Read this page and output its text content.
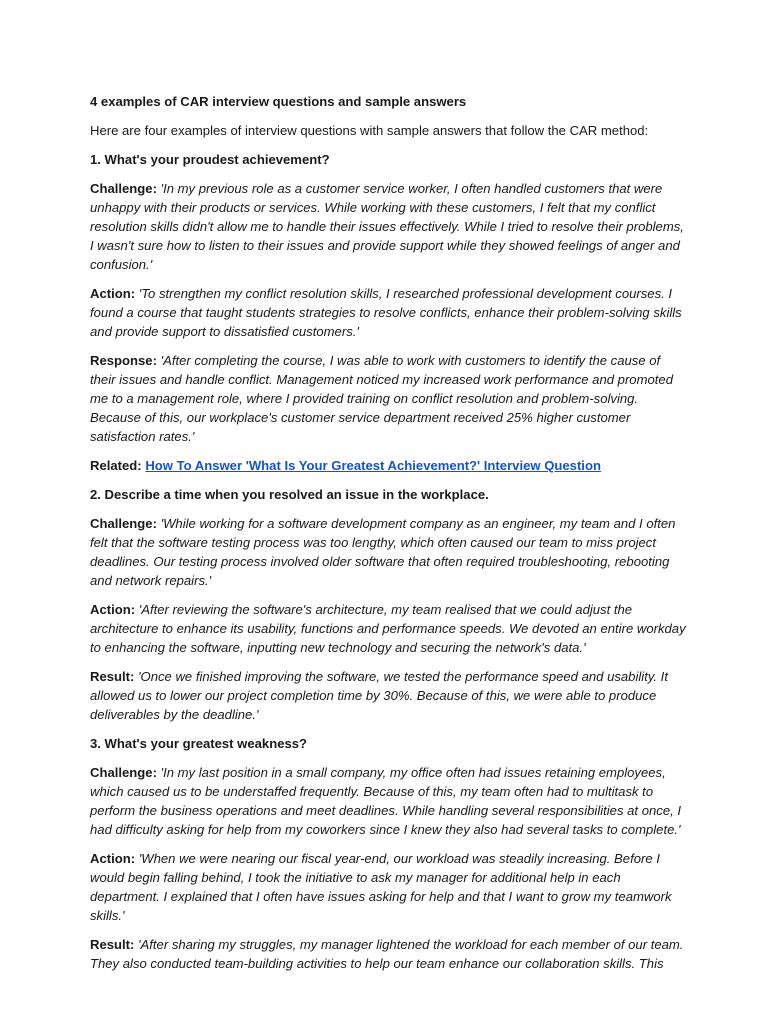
4 examples of CAR interview questions and sample answers

Here are four examples of interview questions with sample answers that follow the CAR method:

1. What's your proudest achievement?

Challenge: 'In my previous role as a customer service worker, I often handled customers that were unhappy with their products or services. While working with these customers, I felt that my conflict resolution skills didn't allow me to handle their issues effectively. While I tried to resolve their problems, I wasn't sure how to listen to their issues and provide support while they showed feelings of anger and confusion.'

Action: 'To strengthen my conflict resolution skills, I researched professional development courses. I found a course that taught students strategies to resolve conflicts, enhance their problem-solving skills and provide support to dissatisfied customers.'

Response: 'After completing the course, I was able to work with customers to identify the cause of their issues and handle conflict. Management noticed my increased work performance and promoted me to a management role, where I provided training on conflict resolution and problem-solving. Because of this, our workplace's customer service department received 25% higher customer satisfaction rates.'

Related: How To Answer 'What Is Your Greatest Achievement?' Interview Question

2. Describe a time when you resolved an issue in the workplace.

Challenge: 'While working for a software development company as an engineer, my team and I often felt that the software testing process was too lengthy, which often caused our team to miss project deadlines. Our testing process involved older software that often required troubleshooting, rebooting and network repairs.'

Action: 'After reviewing the software's architecture, my team realised that we could adjust the architecture to enhance its usability, functions and performance speeds. We devoted an entire workday to enhancing the software, inputting new technology and securing the network's data.'

Result: 'Once we finished improving the software, we tested the performance speed and usability. It allowed us to lower our project completion time by 30%. Because of this, we were able to produce deliverables by the deadline.'

3. What's your greatest weakness?

Challenge: 'In my last position in a small company, my office often had issues retaining employees, which caused us to be understaffed frequently. Because of this, my team often had to multitask to perform the business operations and meet deadlines. While handling several responsibilities at once, I had difficulty asking for help from my coworkers since I knew they also had several tasks to complete.'

Action: 'When we were nearing our fiscal year-end, our workload was steadily increasing. Before I would begin falling behind, I took the initiative to ask my manager for additional help in each department. I explained that I often have issues asking for help and that I want to grow my teamwork skills.'

Result: 'After sharing my struggles, my manager lightened the workload for each member of our team. They also conducted team-building activities to help our team enhance our collaboration skills. This
